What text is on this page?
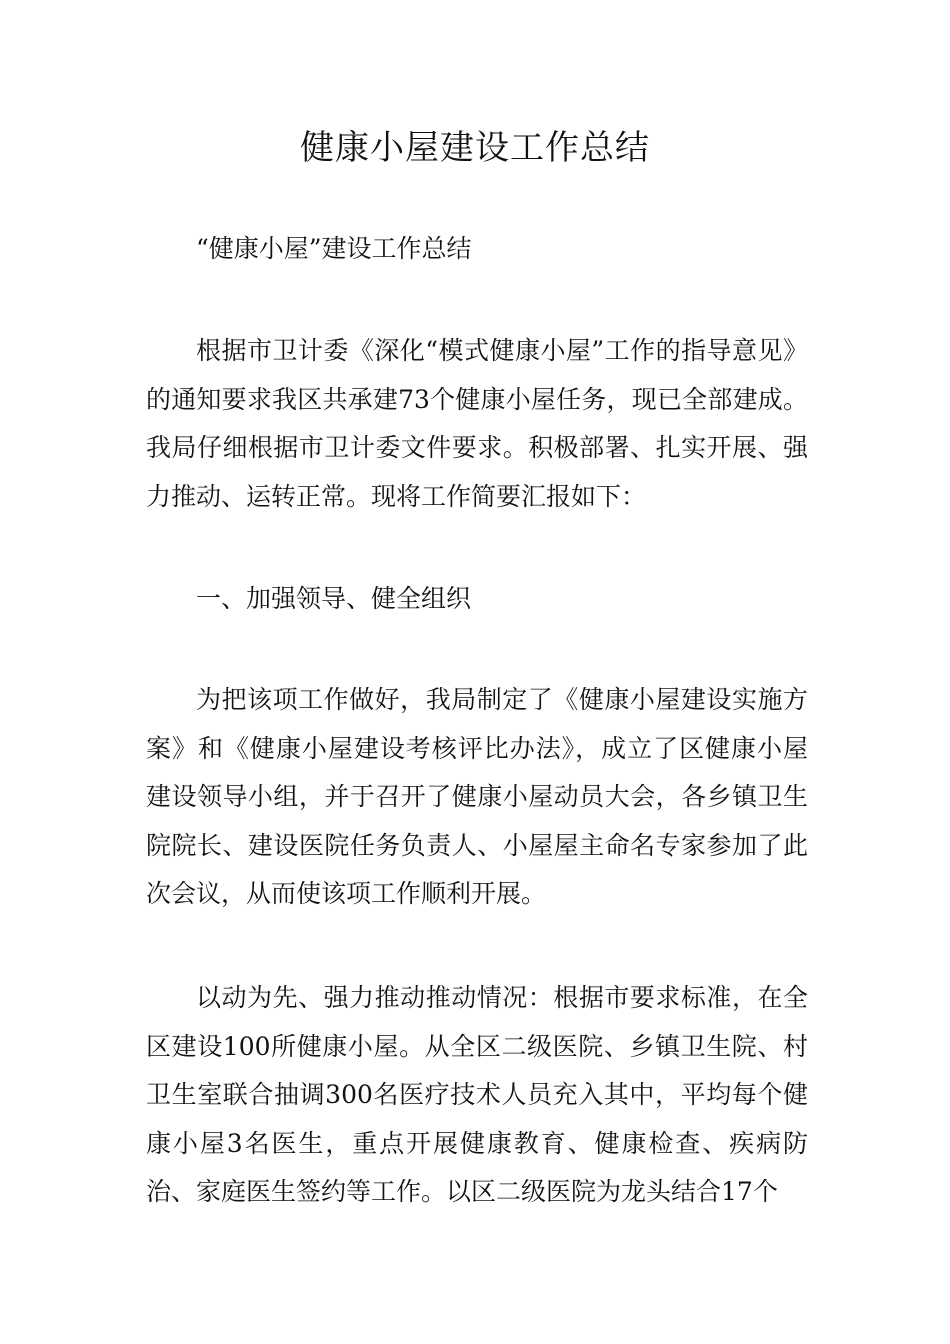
健康小屋建设工作总结

“健康小屋”建设工作总结

根据市卫计委《深化“模式健康小屋”工作的指导意见》的通知要求我区共承建73个健康小屋任务，现已全部建成。我局仔细根据市卫计委文件要求。积极部署、扎实开展、强力推动、运转正常。现将工作简要汇报如下：

一、加强领导、健全组织

为把该项工作做好，我局制定了《健康小屋建设实施方案》和《健康小屋建设考核评比办法》，成立了区健康小屋建设领导小组，并于召开了健康小屋动员大会，各乡镇卫生院院长、建设医院任务负责人、小屋屋主命名专家参加了此次会议，从而使该项工作顺利开展。

以动为先、强力推动推动情况：根据市要求标准，在全区建设100所健康小屋。从全区二级医院、乡镇卫生院、村卫生室联合抽调300名医疗技术人员充入其中，平均每个健康小屋3名医生，重点开展健康教育、健康检查、疾病防治、家庭医生签约等工作。以区二级医院为龙头结合17个
